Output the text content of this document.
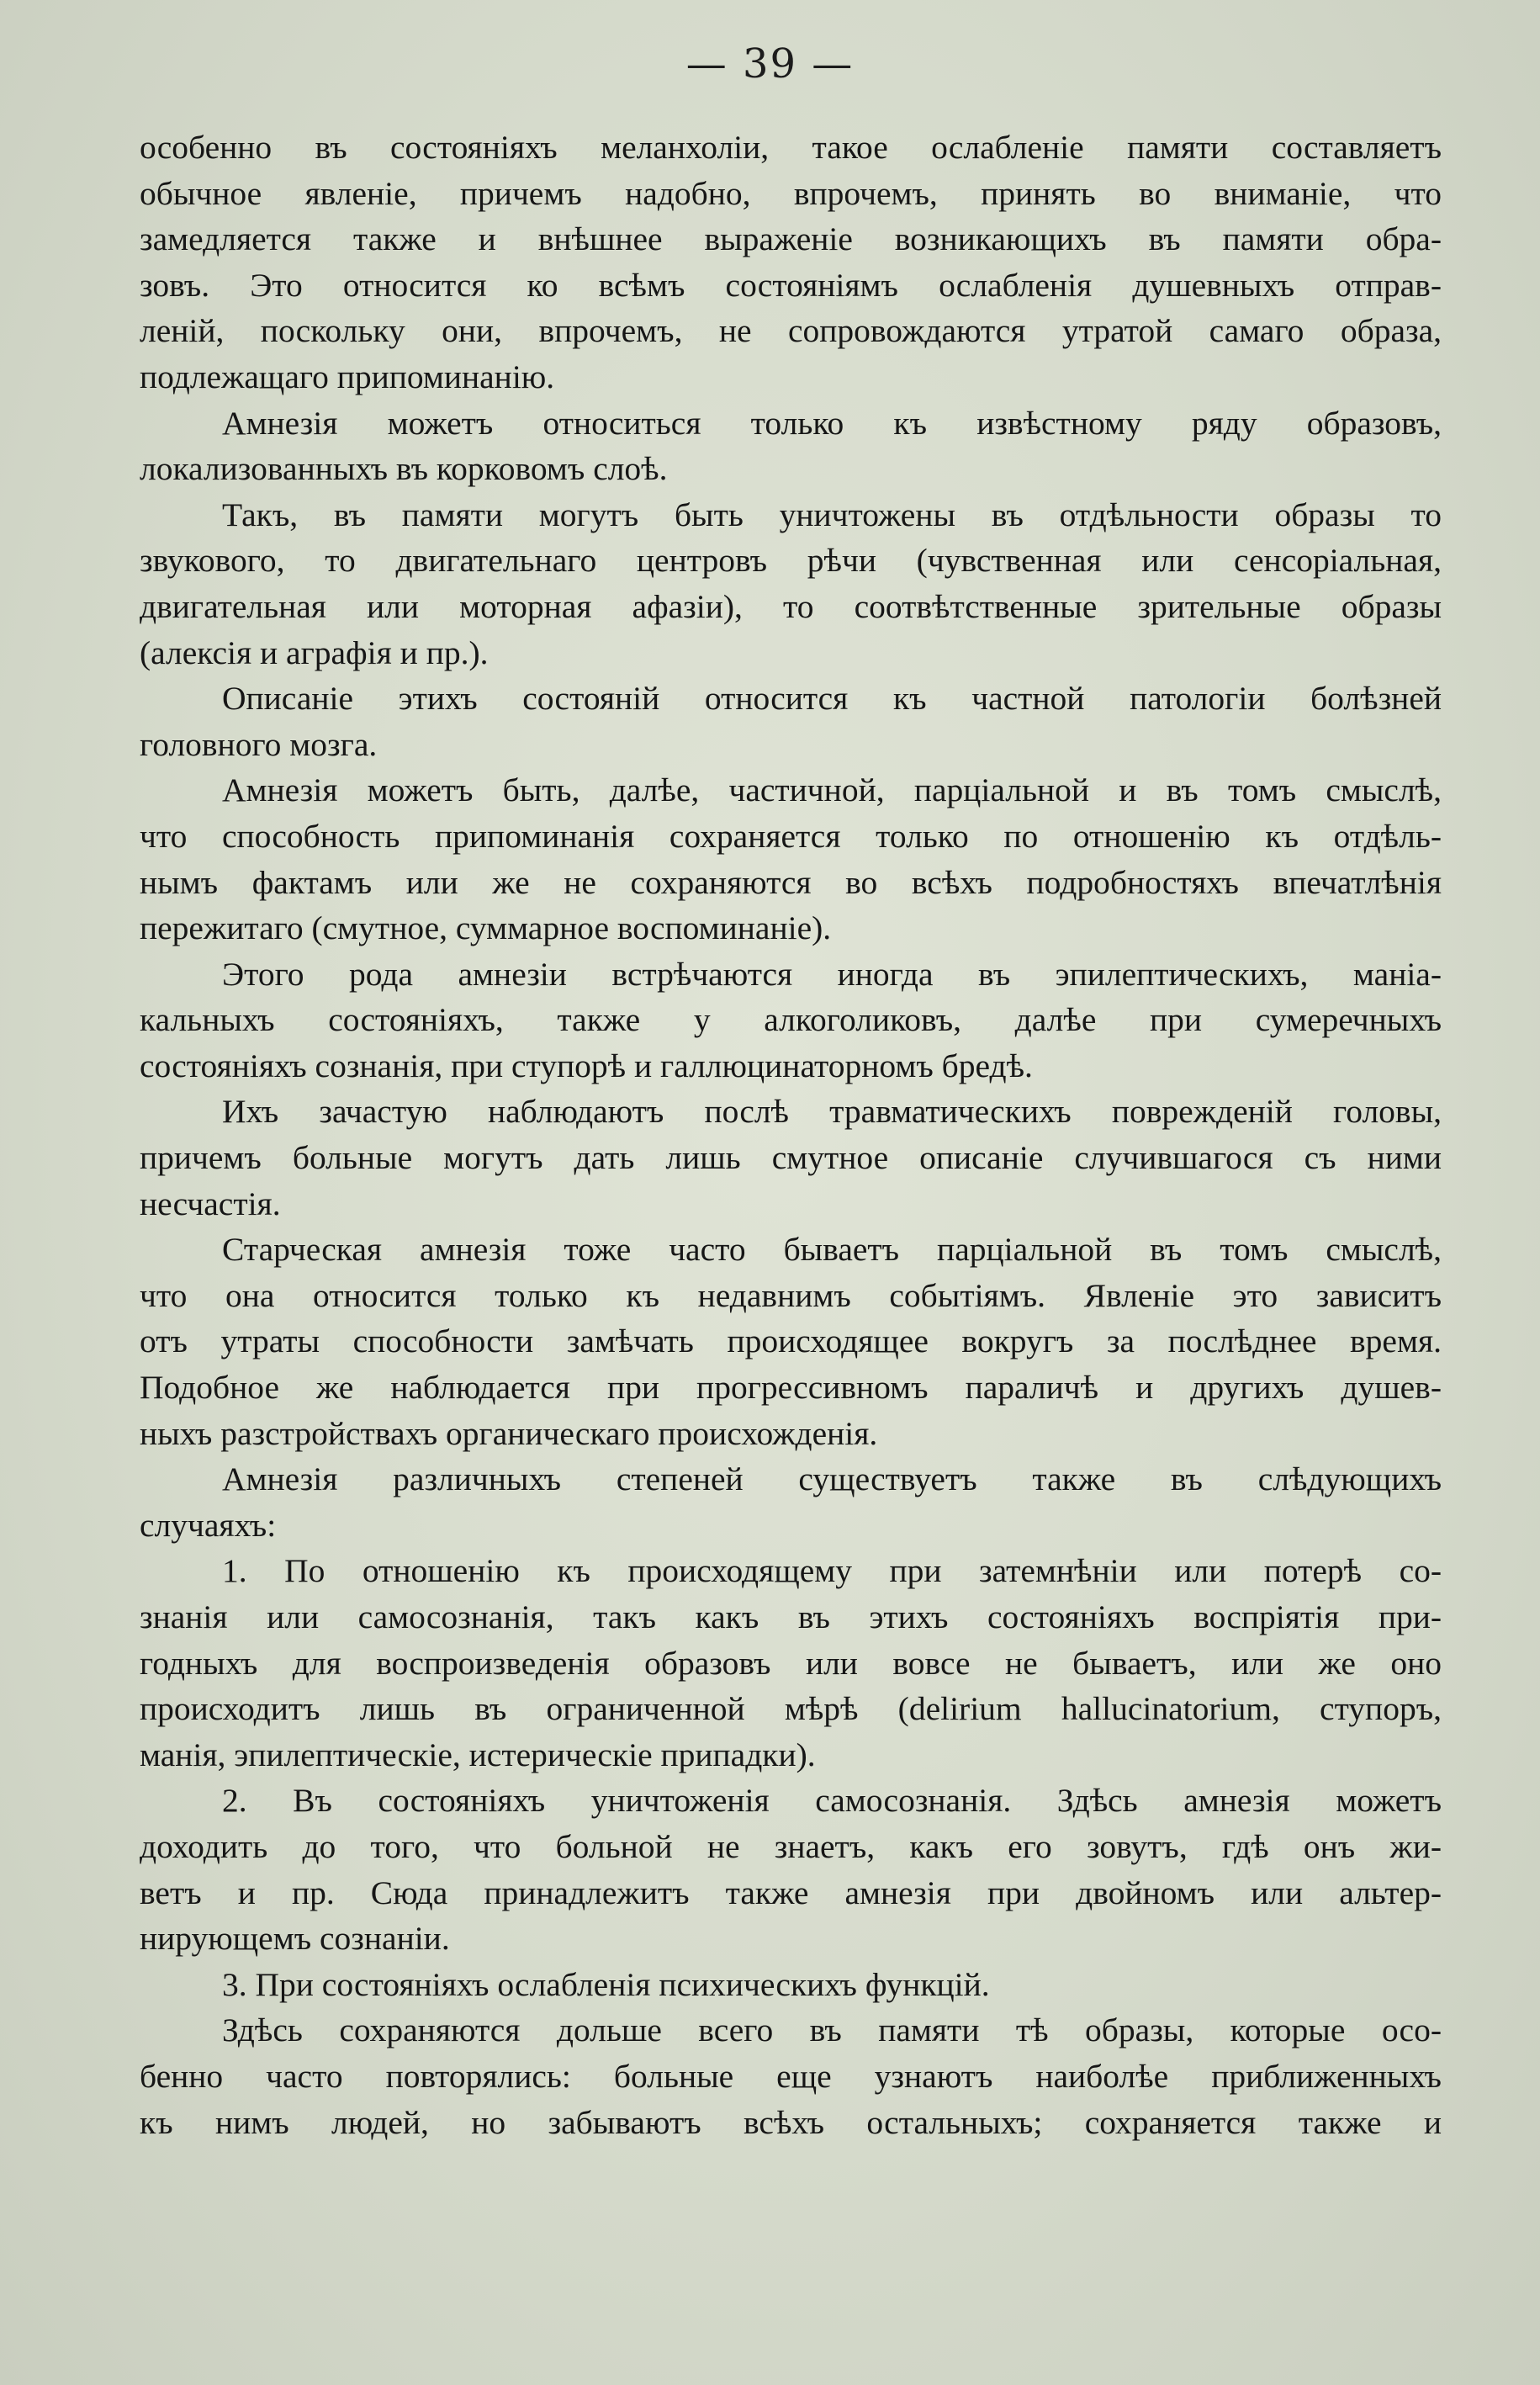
— 39 —
особенно въ состояніяхъ меланхоліи, такое ослабленіе памяти составляетъ
обычное явленіе, причемъ надобно, впрочемъ, принять во вниманіе, что
замедляется также и внѣшнее выраженіе возникающихъ въ памяти обра-
зовъ. Это относится ко всѣмъ состояніямъ ослабленія душевныхъ отправ-
леній, поскольку они, впрочемъ, не сопровождаются утратой самаго образа,
подлежащаго припоминанію.
Амнезія можетъ относиться только къ извѣстному ряду образовъ,
локализованныхъ въ корковомъ слоѣ.
Такъ, въ памяти могутъ быть уничтожены въ отдѣльности образы то
звукового, то двигательнаго центровъ рѣчи (чувственная или сенсоріальная,
двигательная или моторная афазіи), то соотвѣтственные зрительные образы
(алексія и аграфія и пр.).
Описаніе этихъ состояній относится къ частной патологіи болѣзней
головного мозга.
Амнезія можетъ быть, далѣе, частичной, парціальной и въ томъ смыслѣ,
что способность припоминанія сохраняется только по отношенію къ отдѣль-
нымъ фактамъ или же не сохраняются во всѣхъ подробностяхъ впечатлѣнія
пережитаго (смутное, суммарное воспоминаніе).
Этого рода амнезіи встрѣчаются иногда въ эпилептическихъ, маніа-
кальныхъ состояніяхъ, также у алкоголиковъ, далѣе при сумеречныхъ
состояніяхъ сознанія, при ступорѣ и галлюцинаторномъ бредѣ.
Ихъ зачастую наблюдаютъ послѣ травматическихъ поврежденій головы,
причемъ больные могутъ дать лишь смутное описаніе случившагося съ ними
несчастія.
Старческая амнезія тоже часто бываетъ парціальной въ томъ смыслѣ,
что она относится только къ недавнимъ событіямъ. Явленіе это зависитъ
отъ утраты способности замѣчать происходящее вокругъ за послѣднее время.
Подобное же наблюдается при прогрессивномъ параличѣ и другихъ душев-
ныхъ разстройствахъ органическаго происхожденія.
Амнезія различныхъ степеней существуетъ также въ слѣдующихъ
случаяхъ:
1. По отношенію къ происходящему при затемнѣніи или потерѣ со-
знанія или самосознанія, такъ какъ въ этихъ состояніяхъ воспріятія при-
годныхъ для воспроизведенія образовъ или вовсе не бываетъ, или же оно
происходитъ лишь въ ограниченной мѣрѣ (delirium hallucinatorium, ступоръ,
манія, эпилептическіе, истерическіе припадки).
2. Въ состояніяхъ уничтоженія самосознанія. Здѣсь амнезія можетъ
доходить до того, что больной не знаетъ, какъ его зовутъ, гдѣ онъ жи-
ветъ и пр. Сюда принадлежитъ также амнезія при двойномъ или альтер-
нирующемъ сознаніи.
3. При состояніяхъ ослабленія психическихъ функцій.
Здѣсь сохраняются дольше всего въ памяти тѣ образы, которые осо-
бенно часто повторялись: больные еще узнаютъ наиболѣе приближенныхъ
къ нимъ людей, но забываютъ всѣхъ остальныхъ; сохраняется также и
